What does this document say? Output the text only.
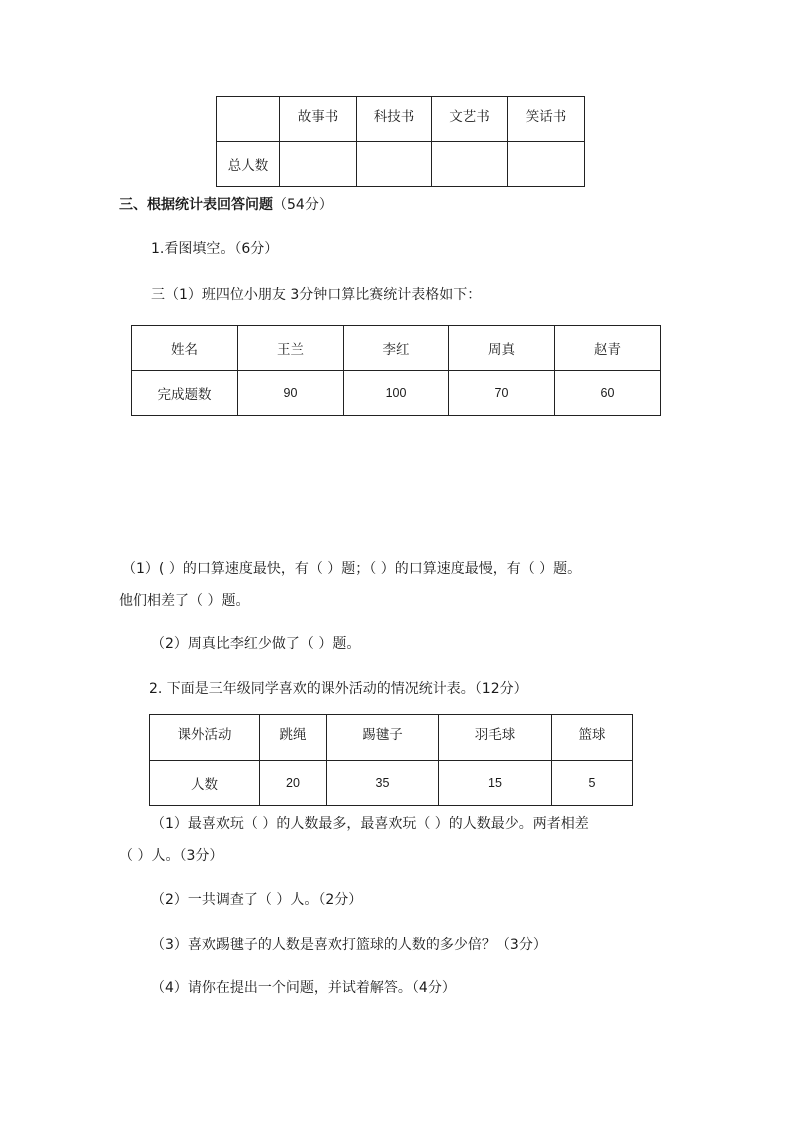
	故事书	科技书	文艺书	笑话书
总人数				
三、根据统计表回答问题（54分）
1.看图填空。（6分）
三（1）班四位小朋友 3分钟口算比赛统计表格如下：
姓名	王兰	李红	周真	赵青
完成题数	90	100	70	60
（1）( ）的口算速度最快，有（ ）题；（ ）的口算速度最慢，有（ ）题。
他们相差了（ ）题。
（2）周真比李红少做了（ ）题。
2. 下面是三年级同学喜欢的课外活动的情况统计表。（12分）
课外活动	跳绳	踢毽子	羽毛球	篮球
人数	20	35	15	5
（1）最喜欢玩（ ）的人数最多，最喜欢玩（ ）的人数最少。两者相差
（ ）人。（3分）
（2）一共调查了（ ）人。（2分）
（3）喜欢踢毽子的人数是喜欢打篮球的人数的多少倍？（3分）
（4）请你在提出一个问题，并试着解答。（4分）
